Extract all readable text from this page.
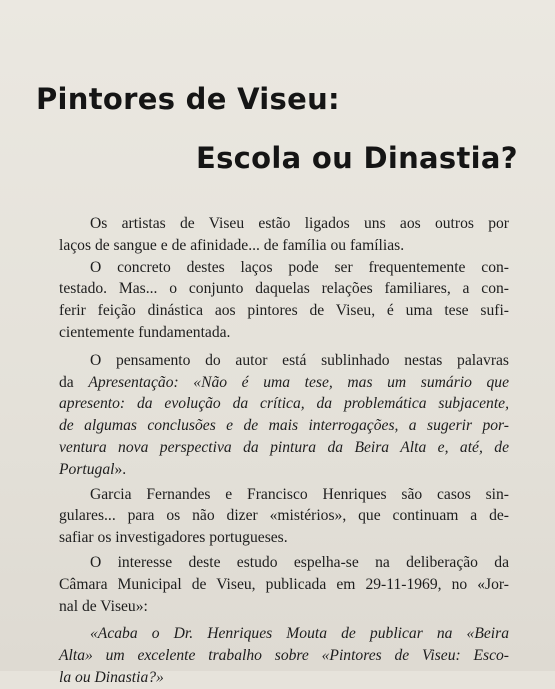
Pintores de Viseu:
Escola ou Dinastia?
Os artistas de Viseu estão ligados uns aos outros por
laços de sangue e de afinidade... de família ou famílias.
O concreto destes laços pode ser frequentemente con-
testado. Mas... o conjunto daquelas relações familiares, a con-
ferir feição dinástica aos pintores de Viseu, é uma tese sufi-
cientemente fundamentada.
O pensamento do autor está sublinhado nestas palavras
da Apresentação: «Não é uma tese, mas um sumário que
apresento: da evolução da crítica, da problemática subjacente,
de algumas conclusões e de mais interrogações, a sugerir por-
ventura nova perspectiva da pintura da Beira Alta e, até, de
Portugal».
Garcia Fernandes e Francisco Henriques são casos sin-
gulares... para os não dizer «mistérios», que continuam a de-
safiar os investigadores portugueses.
O interesse deste estudo espelha-se na deliberação da
Câmara Municipal de Viseu, publicada em 29-11-1969, no «Jor-
nal de Viseu»:
«Acaba o Dr. Henriques Mouta de publicar na «Beira
Alta» um excelente trabalho sobre «Pintores de Viseu: Esco-
la ou Dinastia?»
